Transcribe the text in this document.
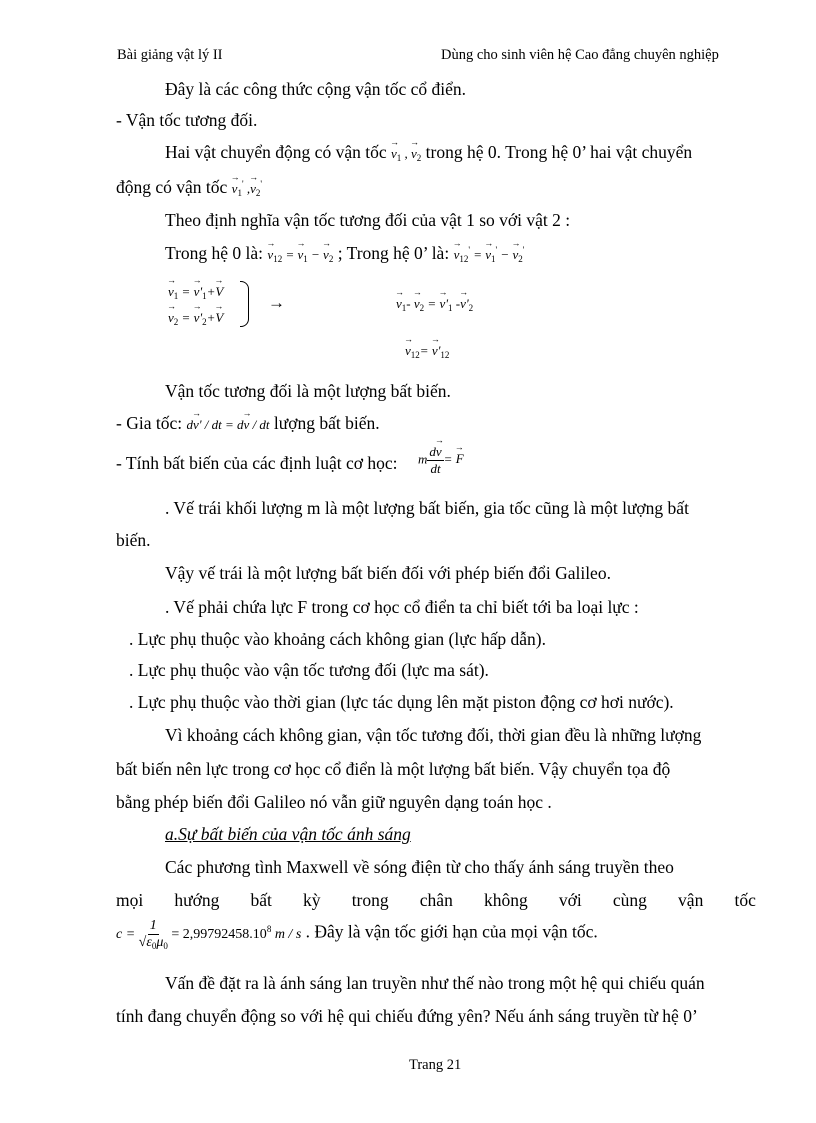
Bài giảng vật lý II	Dùng cho sinh viên hệ Cao đẳng chuyên nghiệp
Đây là các công thức cộng vận tốc cổ điển.
- Vận tốc tương đối.
Hai vật chuyển động có vận tốc → $v_1$ , → $v_2$ trong hệ 0. Trong hệ 0’ hai vật chuyển
động có vận tốc → $v_1'$ ,→ $v_2'$
Theo định nghĩa vận tốc tương đối của vật 1 so với vật 2 :
Trong hệ 0 là: → $v_{12}$ = → $v_1$ − → $v_2$ ; Trong hệ 0’ là: → $v_{12}'$ = → $v_1'$ − → $v_2'$
→ $v_1$ = → $v'_1+\to V$
→ $v_2$ = → $v'_2+\to V$
→	→ $v_1- \to v_2$ = → $v'_1 -\to v'_2$
→ $v_{12}= \to v'_{12}$
Vận tốc tương đối là một lượng bất biến.
- Gia tốc: d→ v' / dt = d→ v / dt lượng bất biến.
- Tính bất biến của các định luật cơ học: m $\frac{d\to v}{dt}$ = → F
. Vế trái khối lượng m là một lượng bất biến, gia tốc cũng là một lượng bất
biến.
Vậy vế trái là một lượng bất biến đối với phép biến đổi Galileo.
. Vế phải chứa lực F trong cơ học cổ điển ta chỉ biết tới ba loại lực :
. Lực phụ thuộc vào khoảng cách không gian (lực hấp dẫn).
. Lực phụ thuộc vào vận tốc tương đối (lực ma sát).
. Lực phụ thuộc vào thời gian (lực tác dụng lên mặt piston động cơ hơi nước).
Vì khoảng cách không gian, vận tốc tương đối, thời gian đều là những lượng
bất biến nên lực trong cơ học cổ điển là một lượng bất biến. Vậy chuyển tọa độ
bằng phép biến đổi Galileo nó vẫn giữ nguyên dạng toán học .
a.Sự bất biến của vận tốc ánh sáng
Các phương tình Maxwell về sóng điện từ cho thấy ánh sáng truyền theo
mọi hướng bất kỳ trong chân không với cùng vận tốc
$c = \frac{1}{√\varepsilon_0\mu_0} = 2,99792458.10^8$ m / s . Đây là vận tốc giới hạn của mọi vận tốc.
Vấn đề đặt ra là ánh sáng lan truyền như thế nào trong một hệ qui chiếu quán
tính đang chuyển động so với hệ qui chiếu đứng yên? Nếu ánh sáng truyền từ hệ 0’
Trang 21
